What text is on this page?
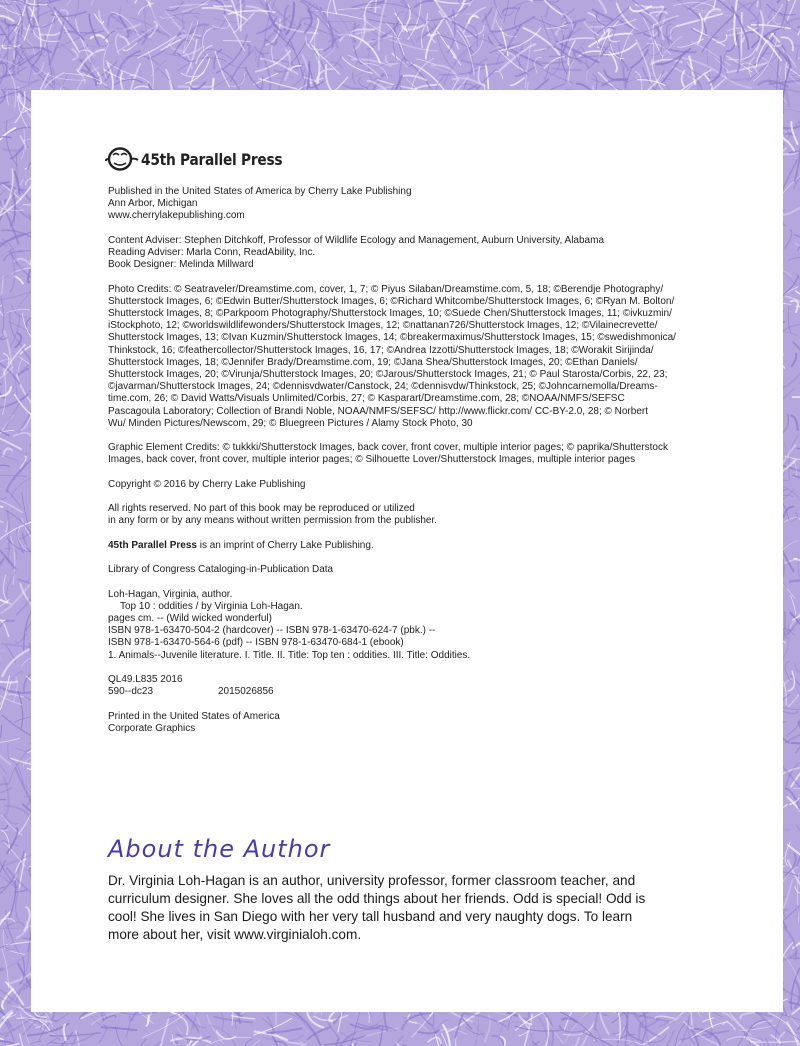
45th Parallel Press

Published in the United States of America by Cherry Lake Publishing
Ann Arbor, Michigan
www.cherrylakepublishing.com

Content Adviser: Stephen Ditchkoff, Professor of Wildlife Ecology and Management, Auburn University, Alabama
Reading Adviser: Marla Conn, ReadAbility, Inc.
Book Designer: Melinda Millward

Photo Credits: © Seatraveler/Dreamstime.com, cover, 1, 7; © Piyus Silaban/Dreamstime.com, 5, 18; ©Berendje Photography/
Shutterstock Images, 6; ©Edwin Butter/Shutterstock Images, 6; ©Richard Whitcombe/Shutterstock Images, 6; ©Ryan M. Bolton/
Shutterstock Images, 8; ©Parkpoom Photography/Shutterstock Images, 10; ©Suede Chen/Shutterstock Images, 11; ©ivkuzmin/
iStockphoto, 12; ©worldswildlifewonders/Shutterstock Images, 12; ©nattanan726/Shutterstock Images, 12; ©Vilainecrevette/
Shutterstock Images, 13; ©Ivan Kuzmin/Shutterstock Images, 14; ©breakermaximus/Shutterstock Images, 15; ©swedishmonica/
Thinkstock, 16; ©feathercollector/Shutterstock Images, 16, 17; ©Andrea Izzotti/Shutterstock Images, 18; ©Worakit Sirijinda/
Shutterstock Images, 18; ©Jennifer Brady/Dreamstime.com, 19; ©Jana Shea/Shutterstock Images, 20; ©Ethan Daniels/
Shutterstock Images, 20; ©Virunja/Shutterstock Images, 20; ©Jarous/Shutterstock Images, 21; © Paul Starosta/Corbis, 22, 23;
©javarman/Shutterstock Images, 24; ©dennisvdwater/Canstock, 24; ©dennisvdw/Thinkstock, 25; ©Johncarnemolla/Dreams-
time.com, 26; © David Watts/Visuals Unlimited/Corbis, 27; © Kasparart/Dreamstime.com, 28; ©NOAA/NMFS/SEFSC
Pascagoula Laboratory; Collection of Brandi Noble, NOAA/NMFS/SEFSC/ http://www.flickr.com/ CC-BY-2.0, 28; © Norbert
Wu/ Minden Pictures/Newscom, 29; © Bluegreen Pictures / Alamy Stock Photo, 30

Graphic Element Credits: © tukkki/Shutterstock Images, back cover, front cover, multiple interior pages; © paprika/Shutterstock
Images, back cover, front cover, multiple interior pages; © Silhouette Lover/Shutterstock Images, multiple interior pages

Copyright © 2016 by Cherry Lake Publishing

All rights reserved. No part of this book may be reproduced or utilized
in any form or by any means without written permission from the publisher.

45th Parallel Press is an imprint of Cherry Lake Publishing.

Library of Congress Cataloging-in-Publication Data

Loh-Hagan, Virginia, author.
Top 10 : oddities / by Virginia Loh-Hagan.
pages cm. -- (Wild wicked wonderful)
ISBN 978-1-63470-504-2 (hardcover) -- ISBN 978-1-63470-624-7 (pbk.) --
ISBN 978-1-63470-564-6 (pdf) -- ISBN 978-1-63470-684-1 (ebook)
1. Animals--Juvenile literature. I. Title. II. Title: Top ten : oddities. III. Title: Oddities.

QL49.L835 2016
590--dc23	2015026856

Printed in the United States of America
Corporate Graphics

About the Author
Dr. Virginia Loh-Hagan is an author, university professor, former classroom teacher, and
curriculum designer. She loves all the odd things about her friends. Odd is special! Odd is
cool! She lives in San Diego with her very tall husband and very naughty dogs. To learn
more about her, visit www.virginialoh.com.
